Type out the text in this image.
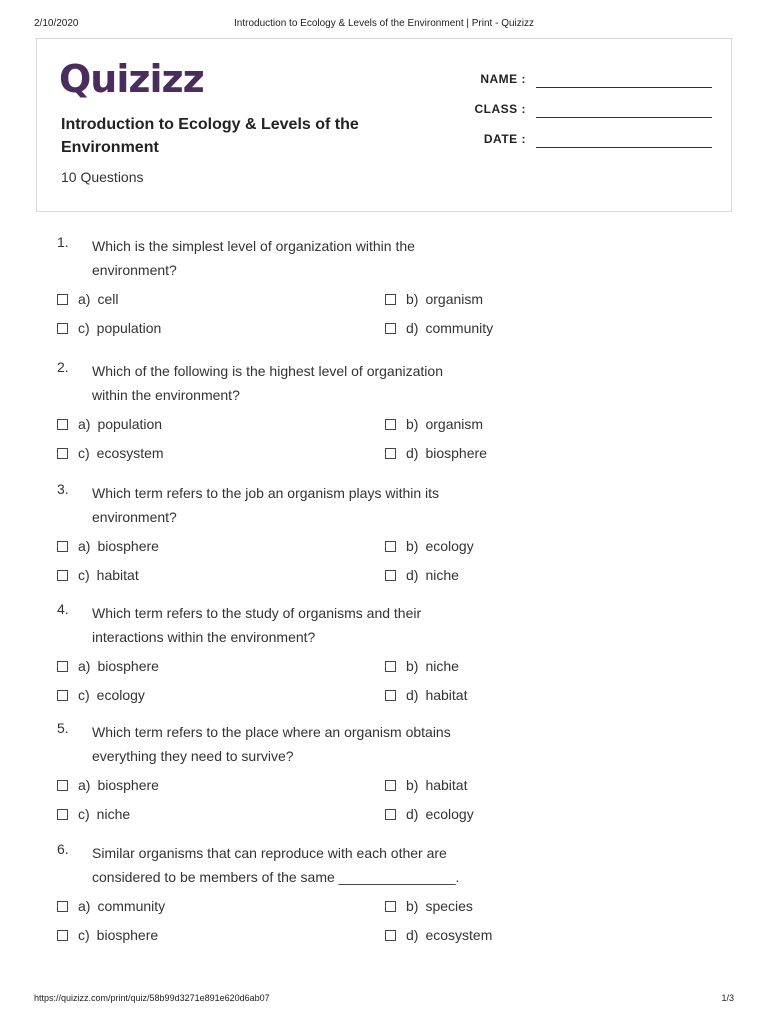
2/10/2020	Introduction to Ecology & Levels of the Environment | Print - Quizizz
Quizizz
Introduction to Ecology & Levels of the Environment
10 Questions
NAME :
CLASS :
DATE :
1. Which is the simplest level of organization within the environment?
a) cell	b) organism
c) population	d) community
2. Which of the following is the highest level of organization within the environment?
a) population	b) organism
c) ecosystem	d) biosphere
3. Which term refers to the job an organism plays within its environment?
a) biosphere	b) ecology
c) habitat	d) niche
4. Which term refers to the study of organisms and their interactions within the environment?
a) biosphere	b) niche
c) ecology	d) habitat
5. Which term refers to the place where an organism obtains everything they need to survive?
a) biosphere	b) habitat
c) niche	d) ecology
6. Similar organisms that can reproduce with each other are considered to be members of the same _______________.
a) community	b) species
c) biosphere	d) ecosystem
https://quizizz.com/print/quiz/58b99d3271e891e620d6ab07	1/3
